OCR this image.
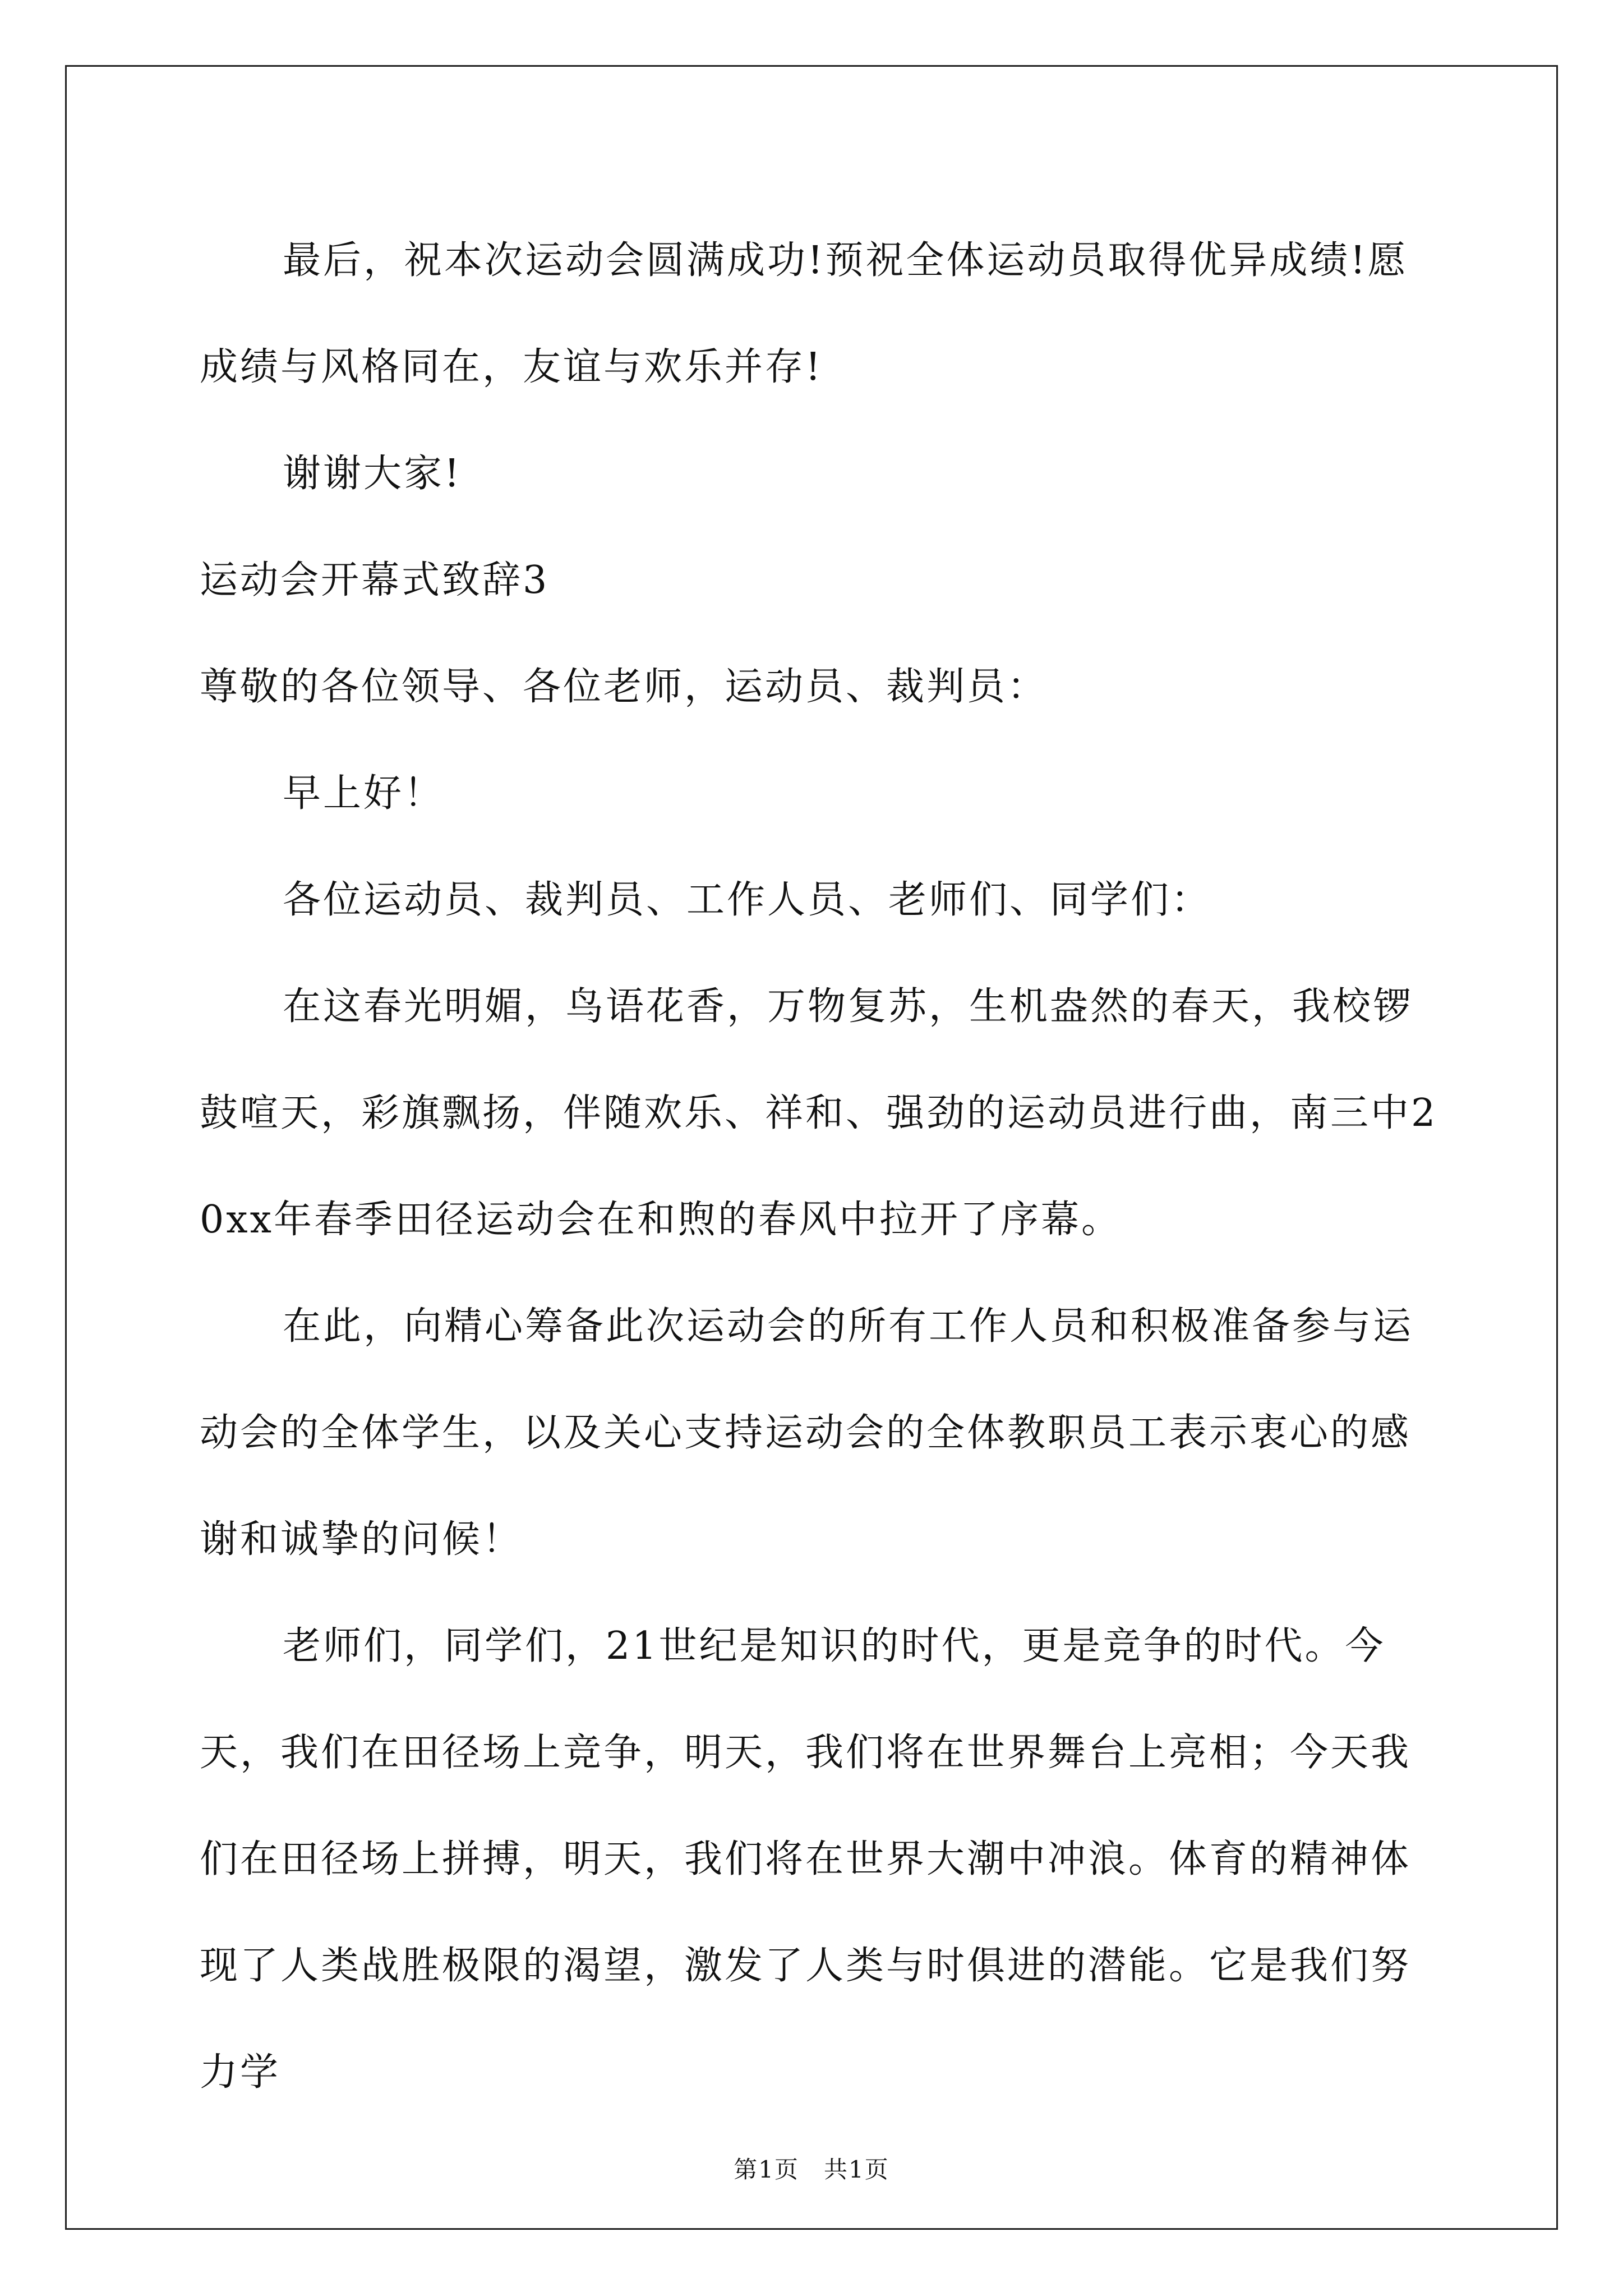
最后，祝本次运动会圆满成功!预祝全体运动员取得优异成绩!愿成绩与风格同在，友谊与欢乐并存!

谢谢大家!

运动会开幕式致辞3

尊敬的各位领导、各位老师，运动员、裁判员：

早上好！

各位运动员、裁判员、工作人员、老师们、同学们：

在这春光明媚，鸟语花香，万物复苏，生机盎然的春天，我校锣鼓喧天，彩旗飘扬，伴随欢乐、祥和、强劲的运动员进行曲，南三中20xx年春季田径运动会在和煦的春风中拉开了序幕。

在此，向精心筹备此次运动会的所有工作人员和积极准备参与运动会的全体学生，以及关心支持运动会的全体教职员工表示衷心的感谢和诚挚的问候！

老师们，同学们，21世纪是知识的时代，更是竞争的时代。今天，我们在田径场上竞争，明天，我们将在世界舞台上亮相；今天我们在田径场上拼搏，明天，我们将在世界大潮中冲浪。体育的精神体现了人类战胜极限的渴望，激发了人类与时俱进的潜能。它是我们努力学

第1页　共1页
